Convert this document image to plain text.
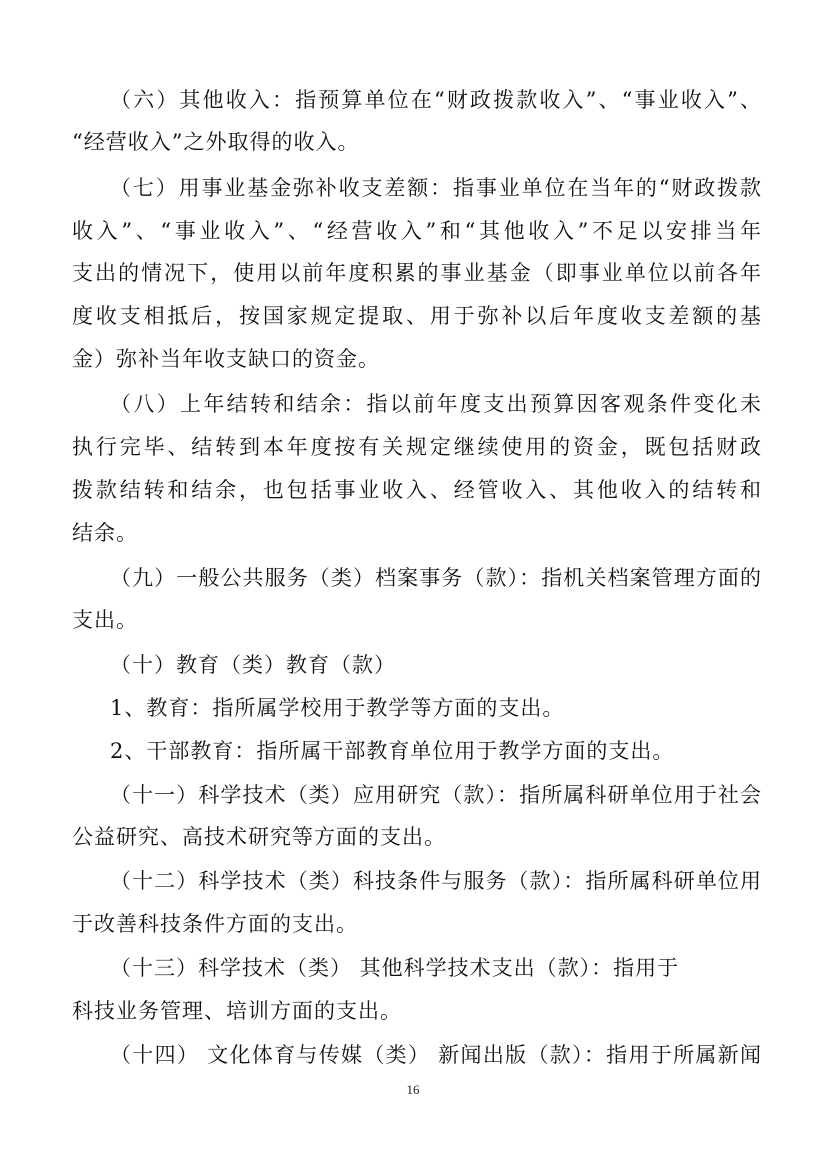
（六）其他收入：指预算单位在“财政拨款收入”、“事业收入”、
“经营收入”之外取得的收入。
（七）用事业基金弥补收支差额：指事业单位在当年的“财政拨款
收入”、“事业收入”、“经营收入”和“其他收入”不足以安排当年
支出的情况下，使用以前年度积累的事业基金（即事业单位以前各年
度收支相抵后，按国家规定提取、用于弥补以后年度收支差额的基
金）弥补当年收支缺口的资金。
（八）上年结转和结余：指以前年度支出预算因客观条件变化未
执行完毕、结转到本年度按有关规定继续使用的资金，既包括财政
拨款结转和结余，也包括事业收入、经管收入、其他收入的结转和
结余。
（九）一般公共服务（类）档案事务（款）：指机关档案管理方面的
支出。
（十）教育（类）教育（款）
1、教育：指所属学校用于教学等方面的支出。
2、干部教育：指所属干部教育单位用于教学方面的支出。
（十一）科学技术（类）应用研究（款）：指所属科研单位用于社会
公益研究、高技术研究等方面的支出。
（十二）科学技术（类）科技条件与服务（款）：指所属科研单位用
于改善科技条件方面的支出。
（十三）科学技术（类） 其他科学技术支出（款）：指用于
科技业务管理、培训方面的支出。
（十四） 文化体育与传媒（类） 新闻出版（款）：指用于所属新闻
16
